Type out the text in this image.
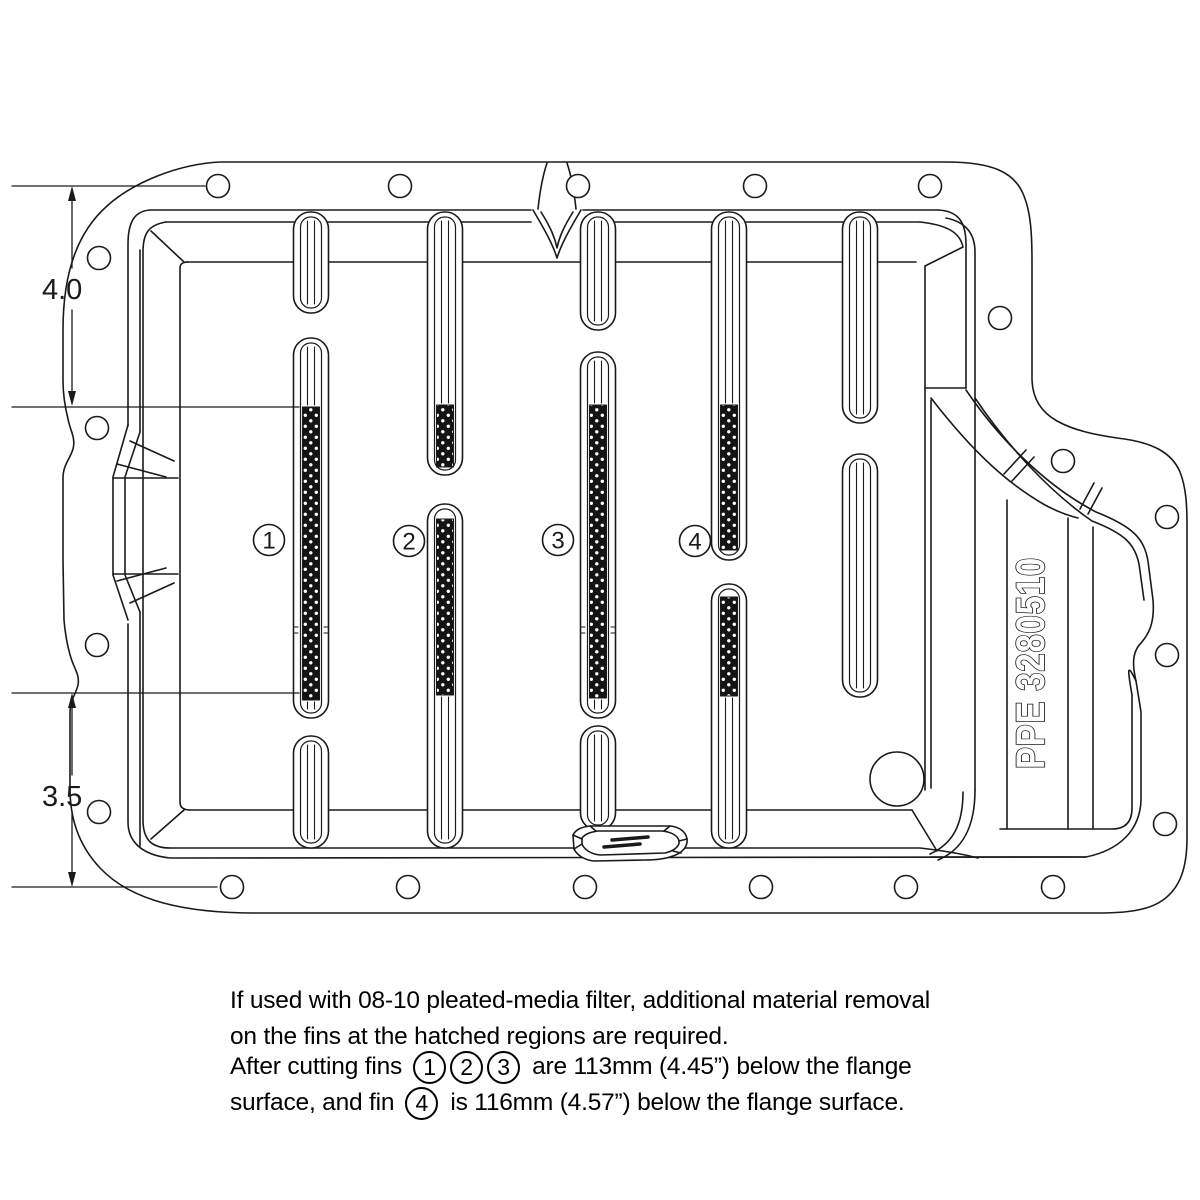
4.0
3.5
1	2	3	4	PPE 3280510
If used with 08-10 pleated-media filter, additional material removal
on the fins at the hatched regions are required.
After cutting fins 1	2	3 are 113mm (4.45”) below the flange
surface, and fin 4 is 116mm (4.57”) below the flange surface.
